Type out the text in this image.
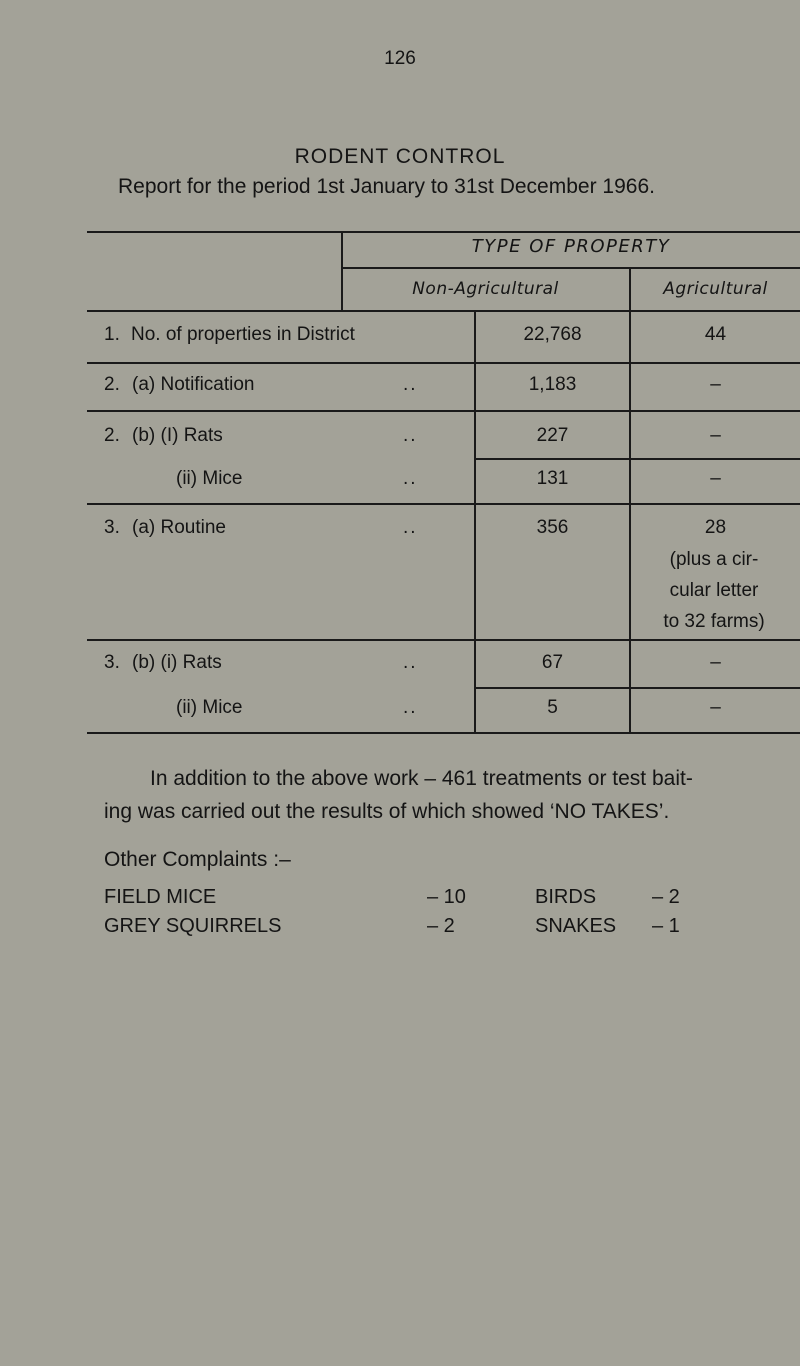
126
RODENT CONTROL
Report for the period 1st January to 31st December 1966.
TYPE OF PROPERTY
Non-Agricultural	Agricultural
1. No. of properties in District	22,768	44
2. (a) Notification	..	1,183	–
2. (b) (I) Rats	..	227	–
(ii) Mice	..	131	–
3. (a) Routine	..	356	28
(plus a cir-
cular letter
to 32 farms)
3. (b) (i) Rats	..	67	–
(ii) Mice	..	5	–
In addition to the above work – 461 treatments or test bait-
ing was carried out the results of which showed ‘NO TAKES’.
Other Complaints :–
FIELD MICE	– 10	BIRDS	– 2
GREY SQUIRRELS	– 2	SNAKES – 1
